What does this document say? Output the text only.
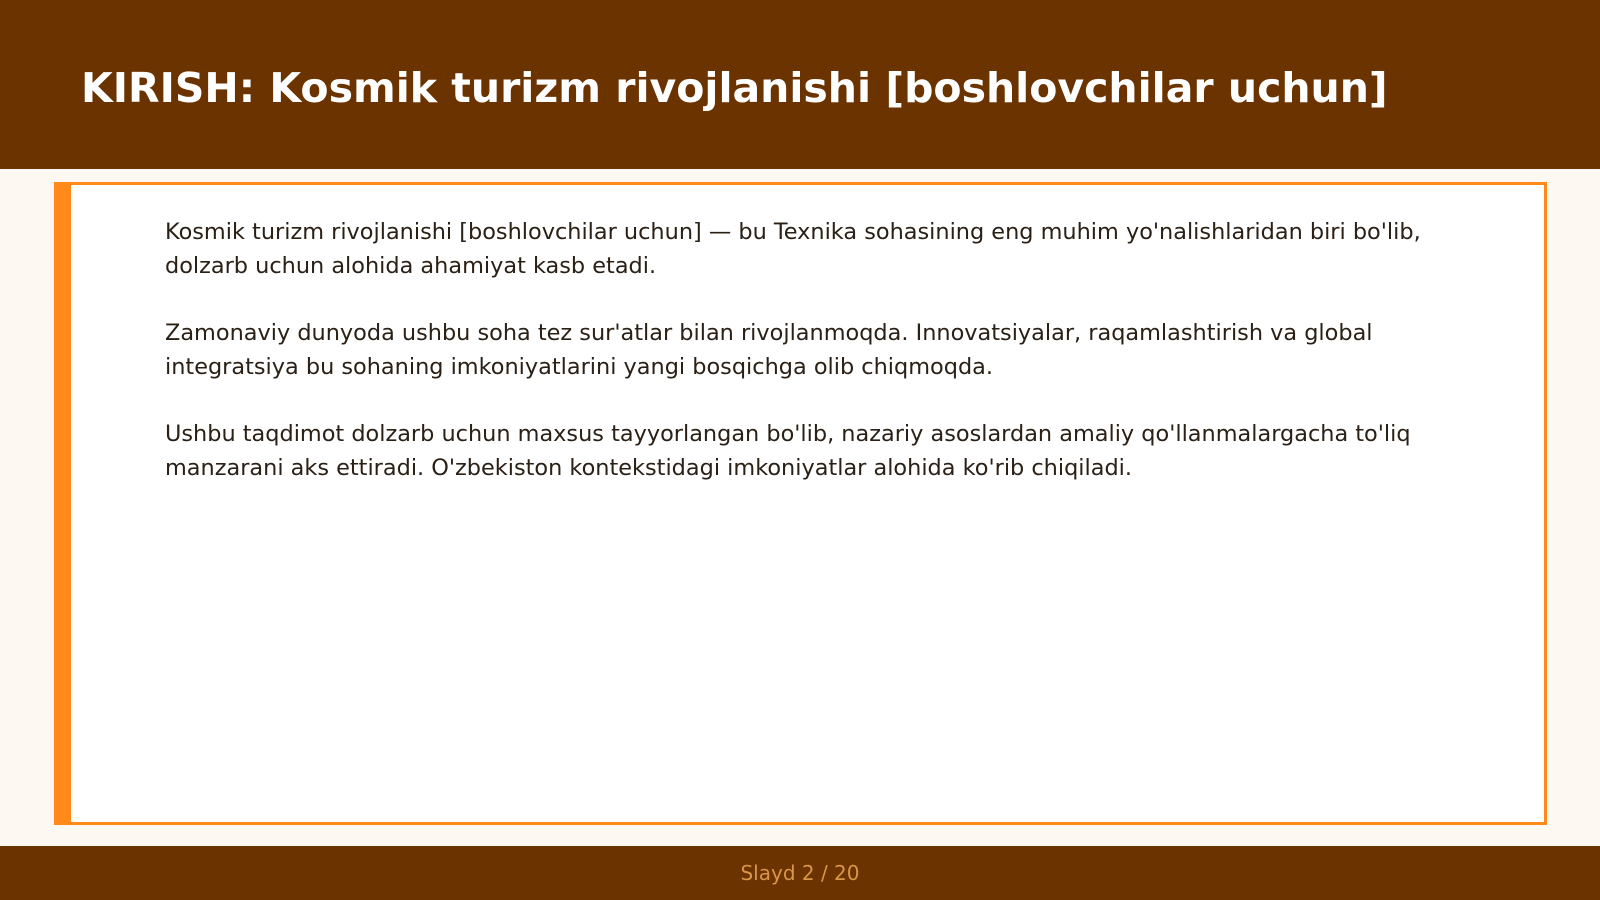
KIRISH: Kosmik turizm rivojlanishi [boshlovchilar uchun]

Kosmik turizm rivojlanishi [boshlovchilar uchun] — bu Texnika sohasining eng muhim yo'nalishlaridan biri bo'lib, dolzarb uchun alohida ahamiyat kasb etadi.

Zamonaviy dunyoda ushbu soha tez sur'atlar bilan rivojlanmoqda. Innovatsiyalar, raqamlashtirish va global integratsiya bu sohaning imkoniyatlarini yangi bosqichga olib chiqmoqda.

Ushbu taqdimot dolzarb uchun maxsus tayyorlangan bo'lib, nazariy asoslardan amaliy qo'llanmalargacha to'liq manzarani aks ettiradi. O'zbekiston kontekstidagi imkoniyatlar alohida ko'rib chiqiladi.

Slayd 2 / 20
